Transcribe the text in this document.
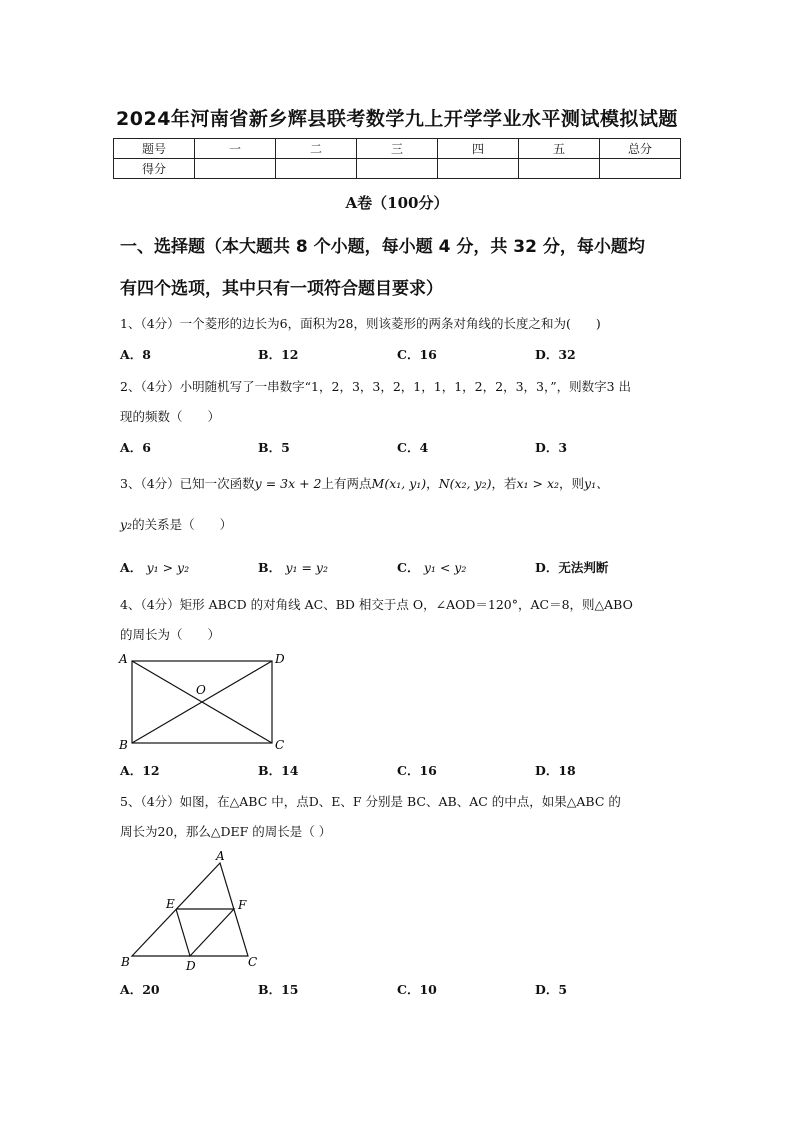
2024年河南省新乡辉县联考数学九上开学学业水平测试模拟试题
题号	一	二	三	四	五	总分
得分						
A卷（100分）
一、选择题（本大题共 8 个小题，每小题 4 分，共 32 分，每小题均
有四个选项，其中只有一项符合题目要求）
1、（4分）一个菱形的边长为6，面积为28，则该菱形的两条对角线的长度之和为(　　)
A．8	B．12	C．16	D．32
2、（4分）小明随机写了一串数字“1，2，3，3，2，1，1，1，2，2，3，3，”，则数字3 出
现的频数（　　）
A．6	B．5	C．4	D．3
3、（4分）已知一次函数y = 3x + 2上有两点M(x₁, y₁)，N(x₂, y₂)，若x₁ > x₂，则y₁、
y₂的关系是（　　）
A． y₁ > y₂	B． y₁ = y₂	C． y₁ < y₂	D．无法判断
4、（4分）矩形 ABCD 的对角线 AC、BD 相交于点 O，∠AOD＝120°，AC＝8，则△ABO
的周长为（　　）
A	D
O
B	C
A．12	B．14	C．16	D．18
5、（4分）如图，在△ABC 中，点D、E、F 分别是 BC、AB、AC 的中点，如果△ABC 的
周长为20，那么△DEF 的周长是（ ）
A
E	F
B	D	C
A．20	B．15	C．10	D．5
